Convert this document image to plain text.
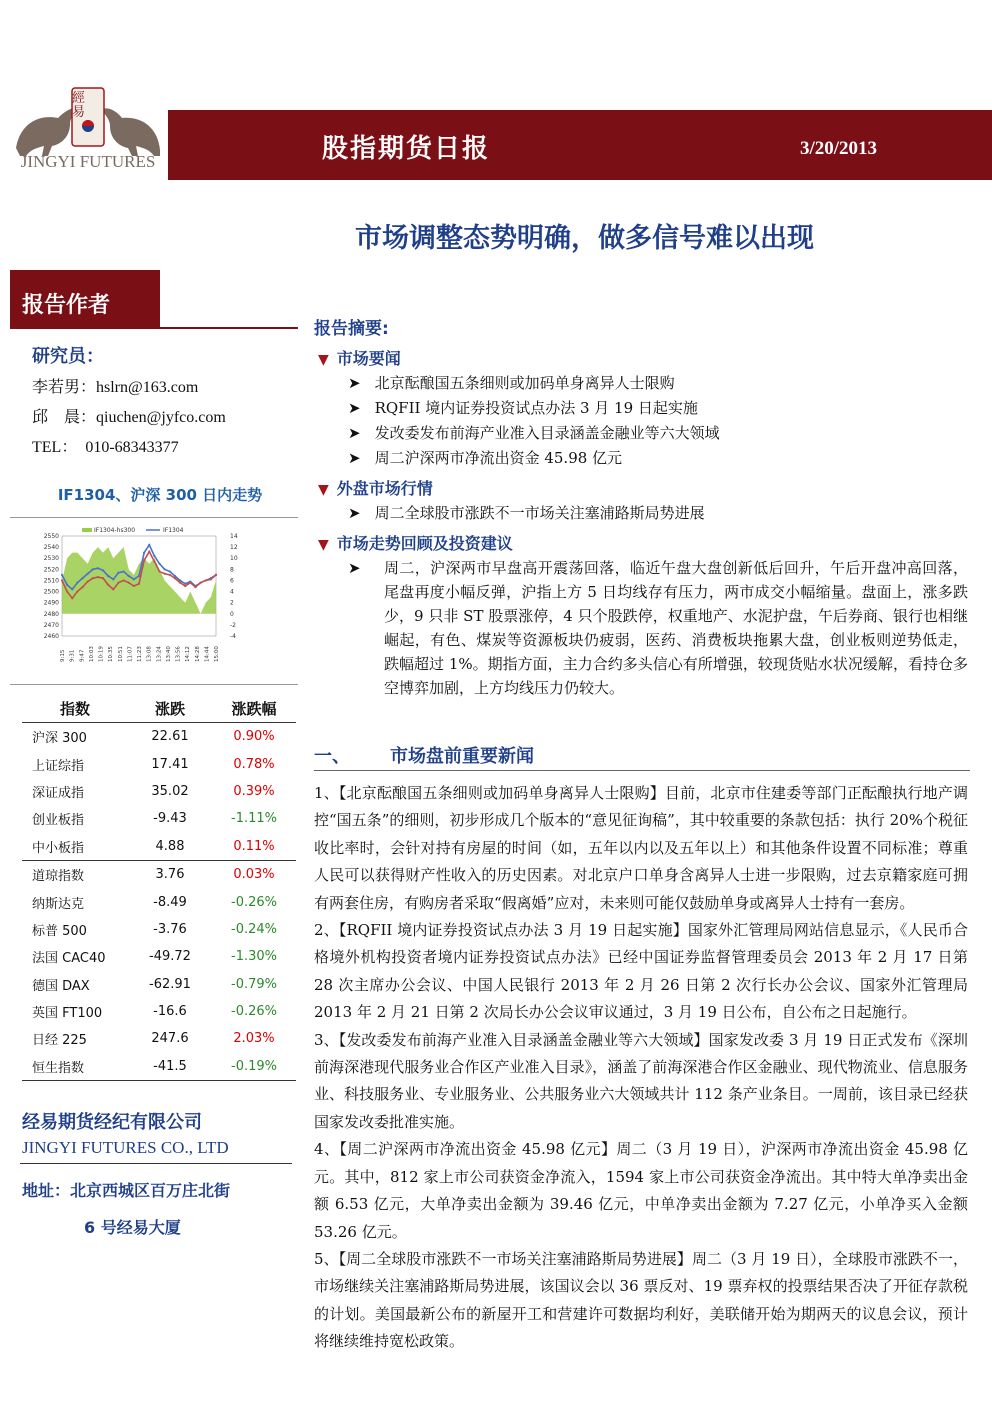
經易
JINGYI FUTURES	股指期货日报	3/20/2013
市场调整态势明确，做多信号难以出现
报告作者
研究员：
李若男：hslrn@163.com
邱　晨：qiuchen@jyfco.com
TEL：　010-68343377
IF1304、沪深 300 日内走势
2460
2470
2480
2490
2500
2510
2520
2530
2540
2550
-4
-2
0
2
4
6
8
10
12
14
9:15 9:31 9:47 10:03 10:19 10:35 10:51 11:07 11:23 13:08 13:24 13:40 13:56 14:12 14:28 14:44 15:00
IF1304-hs300	IF1304
指数	涨跌	涨跌幅
沪深 300	22.61	0.90%
上证综指	17.41	0.78%
深证成指	35.02	0.39%
创业板指	-9.43	-1.11%
中小板指	4.88	0.11%
道琼指数	3.76	0.03%
纳斯达克	-8.49	-0.26%
标普 500	-3.76	-0.24%
法国 CAC40	-49.72	-1.30%
德国 DAX	-62.91	-0.79%
英国 FT100	-16.6	-0.26%
日经 225	247.6	2.03%
恒生指数	-41.5	-0.19%
经易期货经纪有限公司
JINGYI FUTURES CO., LTD
地址：北京西城区百万庄北街
6 号经易大厦
报告摘要:
▼ 市场要闻
➤ 北京酝酿国五条细则或加码单身离异人士限购
➤ RQFII 境内证券投资试点办法 3 月 19 日起实施
➤ 发改委发布前海产业准入目录涵盖金融业等六大领域
➤ 周二沪深两市净流出资金 45.98 亿元
▼ 外盘市场行情
➤ 周二全球股市涨跌不一市场关注塞浦路斯局势进展
▼ 市场走势回顾及投资建议
➤ 周二，沪深两市早盘高开震荡回落，临近午盘大盘创新低后回升，午后开盘冲高回落，尾盘再度小幅反弹，沪指上方 5 日均线存有压力，两市成交小幅缩量。盘面上，涨多跌少，9 只非 ST 股票涨停，4 只个股跌停，权重地产、水泥护盘，午后券商、银行也相继崛起，有色、煤炭等资源板块仍疲弱，医药、消费板块拖累大盘，创业板则逆势低走，跌幅超过 1%。期指方面，主力合约多头信心有所增强，较现货贴水状况缓解，看持仓多空博弈加剧，上方均线压力仍较大。
一、 市场盘前重要新闻

1、【北京酝酿国五条细则或加码单身离异人士限购】目前，北京市住建委等部门正酝酿执行地产调控“国五条”的细则，初步形成几个版本的“意见征询稿”，其中较重要的条款包括：执行 20%个税征收比率时，会针对持有房屋的时间（如，五年以内以及五年以上）和其他条件设置不同标准；尊重人民可以获得财产性收入的历史因素。对北京户口单身含离异人士进一步限购，过去京籍家庭可拥有两套住房，有购房者采取“假离婚”应对，未来则可能仅鼓励单身或离异人士持有一套房。

2、【RQFII 境内证券投资试点办法 3 月 19 日起实施】国家外汇管理局网站信息显示，《人民币合格境外机构投资者境内证券投资试点办法》已经中国证券监督管理委员会 2013 年 2 月 17 日第 28 次主席办公会议、中国人民银行 2013 年 2 月 26 日第 2 次行长办公会议、国家外汇管理局 2013 年 2 月 21 日第 2 次局长办公会议审议通过，3 月 19 日公布，自公布之日起施行。

3、【发改委发布前海产业准入目录涵盖金融业等六大领域】国家发改委 3 月 19 日正式发布《深圳前海深港现代服务业合作区产业准入目录》，涵盖了前海深港合作区金融业、现代物流业、信息服务业、科技服务业、专业服务业、公共服务业六大领域共计 112 条产业条目。一周前，该目录已经获国家发改委批准实施。

4、【周二沪深两市净流出资金 45.98 亿元】周二（3 月 19 日），沪深两市净流出资金 45.98 亿元。其中，812 家上市公司获资金净流入，1594 家上市公司获资金净流出。其中特大单净卖出金额 6.53 亿元，大单净卖出金额为 39.46 亿元，中单净卖出金额为 7.27 亿元，小单净买入金额 53.26 亿元。

5、【周二全球股市涨跌不一市场关注塞浦路斯局势进展】周二（3 月 19 日），全球股市涨跌不一，市场继续关注塞浦路斯局势进展，该国议会以 36 票反对、19 票弃权的投票结果否决了开征存款税的计划。美国最新公布的新屋开工和营建许可数据均利好，美联储开始为期两天的议息会议，预计将继续维持宽松政策。
